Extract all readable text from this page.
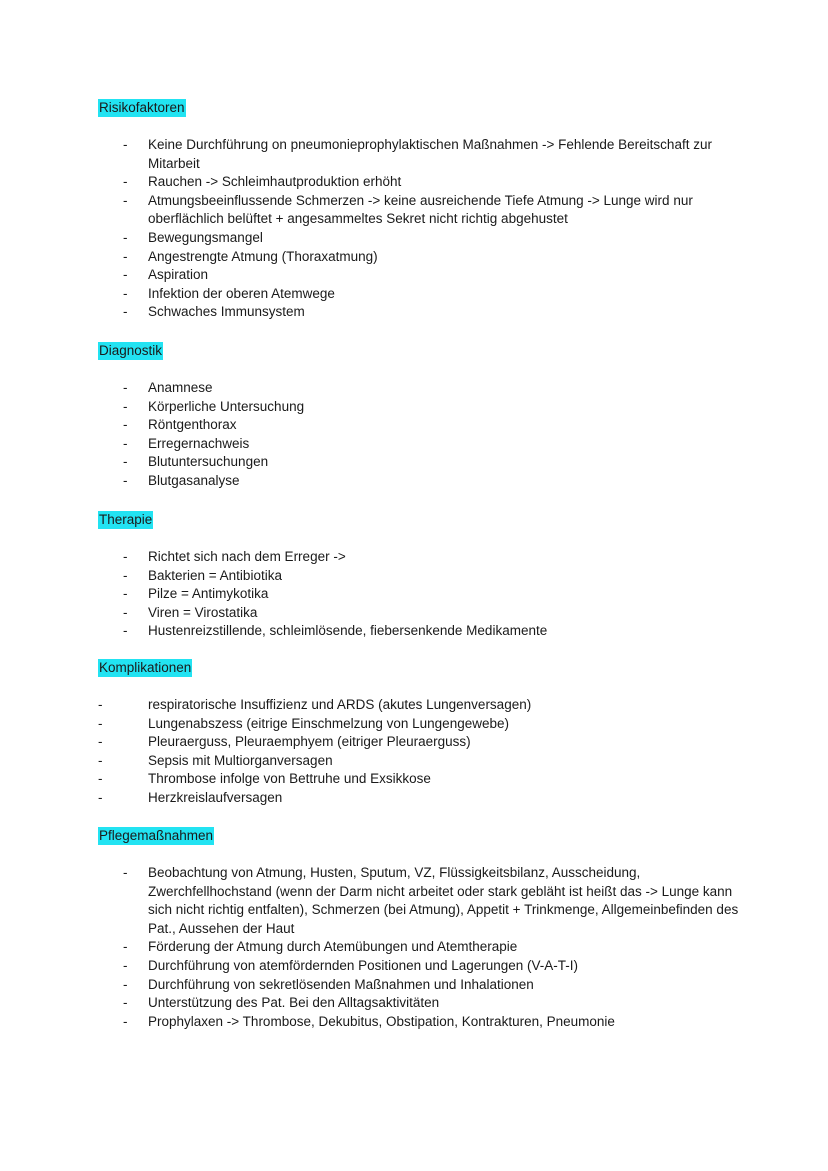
Risikofaktoren
- Keine Durchführung on pneumonieprophylaktischen Maßnahmen -> Fehlende Bereitschaft zur Mitarbeit
- Rauchen -> Schleimhautproduktion erhöht
- Atmungsbeeinflussende Schmerzen -> keine ausreichende Tiefe Atmung -> Lunge wird nur oberflächlich belüftet + angesammeltes Sekret nicht richtig abgehustet
- Bewegungsmangel
- Angestrengte Atmung (Thoraxatmung)
- Aspiration
- Infektion der oberen Atemwege
- Schwaches Immunsystem
Diagnostik
- Anamnese
- Körperliche Untersuchung
- Röntgenthorax
- Erregernachweis
- Blutuntersuchungen
- Blutgasanalyse
Therapie
- Richtet sich nach dem Erreger ->
- Bakterien = Antibiotika
- Pilze = Antimykotika
- Viren = Virostatika
- Hustenreizstillende, schleimlösende, fiebersenkende Medikamente
Komplikationen
-	respiratorische Insuffizienz und ARDS (akutes Lungenversagen)
-	Lungenabszess (eitrige Einschmelzung von Lungengewebe)
-	Pleuraerguss, Pleuraemphyem (eitriger Pleuraerguss)
-	Sepsis mit Multiorganversagen
-	Thrombose infolge von Bettruhe und Exsikkose
-	Herzkreislaufversagen
Pflegemaßnahmen
- Beobachtung von Atmung, Husten, Sputum, VZ, Flüssigkeitsbilanz, Ausscheidung, Zwerchfellhochstand (wenn der Darm nicht arbeitet oder stark gebläht ist heißt das -> Lunge kann sich nicht richtig entfalten), Schmerzen (bei Atmung), Appetit + Trinkmenge, Allgemeinbefinden des Pat., Aussehen der Haut
- Förderung der Atmung durch Atemübungen und Atemtherapie
- Durchführung von atemfördernden Positionen und Lagerungen (V-A-T-I)
- Durchführung von sekretlösenden Maßnahmen und Inhalationen
- Unterstützung des Pat. Bei den Alltagsaktivitäten
- Prophylaxen -> Thrombose, Dekubitus, Obstipation, Kontrakturen, Pneumonie
